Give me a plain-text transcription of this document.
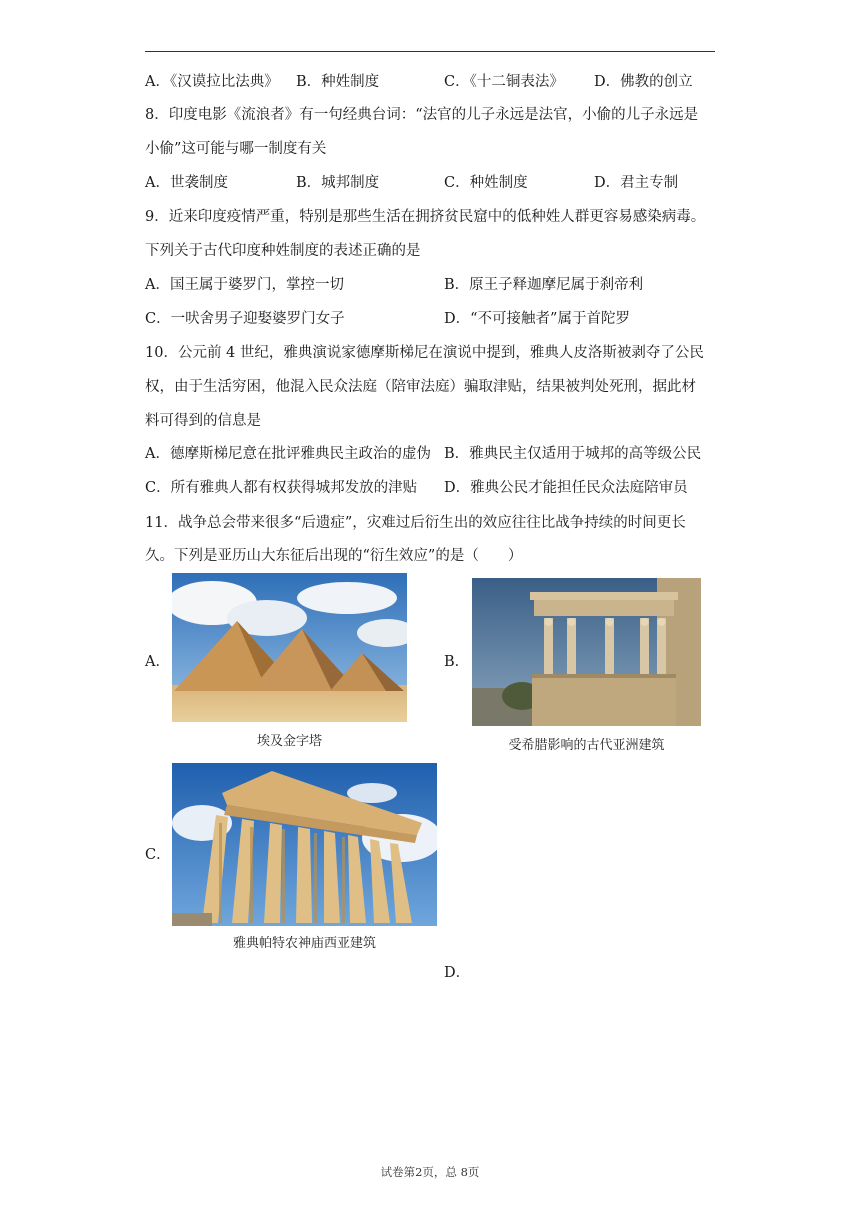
A．《汉谟拉比法典》 B．种姓制度	C．《十二铜表法》 D．佛教的创立
8．印度电影《流浪者》有一句经典台词：“法官的儿子永远是法官，小偷的儿子永远是
小偷”这可能与哪一制度有关
A．世袭制度	B．城邦制度	C．种姓制度	D．君主专制
9．近来印度疫情严重，特别是那些生活在拥挤贫民窟中的低种姓人群更容易感染病毒。
下列关于古代印度种姓制度的表述正确的是
A．国王属于婆罗门，掌控一切	B．原王子释迦摩尼属于刹帝利
C．一吠舍男子迎娶婆罗门女子	D．“不可接触者”属于首陀罗
10．公元前 4 世纪，雅典演说家德摩斯梯尼在演说中提到，雅典人皮洛斯被剥夺了公民
权，由于生活穷困，他混入民众法庭（陪审法庭）骗取津贴，结果被判处死刑，据此材
料可得到的信息是
A．德摩斯梯尼意在批评雅典民主政治的虚伪 B．雅典民主仅适用于城邦的高等级公民
C．所有雅典人都有权获得城邦发放的津贴 D．雅典公民才能担任民众法庭陪审员
11．战争总会带来很多“后遗症”，灾难过后衍生出的效应往往比战争持续的时间更长
久。下列是亚历山大东征后出现的“衍生效应”的是（　　）
A．	B．
C．
D．
埃及金字塔	受希腊影响的古代亚洲建筑
雅典帕特农神庙西亚建筑
试卷第2页，总 8页
